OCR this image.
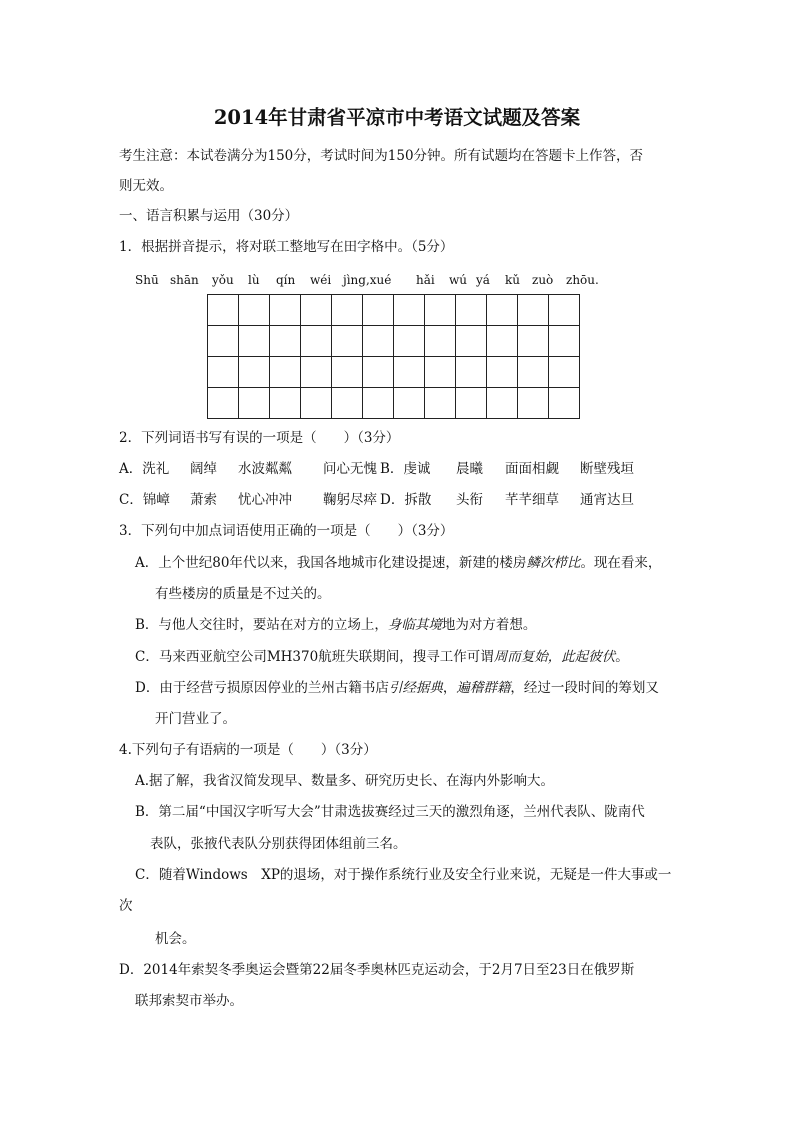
2014年甘肃省平凉市中考语文试题及答案
考生注意：本试卷满分为150分，考试时间为150分钟。所有试题均在答题卡上作答，否
则无效。
一、语言积累与运用（30分）
1．根据拼音提示，将对联工整地写在田字格中。（5分）
Shū shān yǒu lù qín wéi jìng,xué hǎi wú yá kǔ zuò zhōu.

2．下列词语书写有误的一项是（　　）（3分）
A．洗礼 阔绰 水波粼粼 问心无愧 B．虔诚 晨曦 面面相觑 断壁残垣
C．锦嶂 萧索 忧心冲冲 鞠躬尽瘁 D．拆散 头衔 芊芊细草 通宵达旦
3．下列句中加点词语使用正确的一项是（　　）（3分）
A．上个世纪80年代以来，我国各地城市化建设提速，新建的楼房鳞次栉比。现在看来，
有些楼房的质量是不过关的。
B．与他人交往时，要站在对方的立场上，身临其境地为对方着想。
C．马来西亚航空公司MH370航班失联期间，搜寻工作可谓周而复始，此起彼伏。
D．由于经营亏损原因停业的兰州古籍书店引经据典，遍稽群籍，经过一段时间的筹划又
开门营业了。
4.下列句子有语病的一项是（　　）（3分）
A.据了解，我省汉简发现早、数量多、研究历史长、在海内外影响大。
B．第二届“中国汉字听写大会”甘肃选拔赛经过三天的激烈角逐，兰州代表队、陇南代
表队，张掖代表队分别获得团体组前三名。
C．随着Windows　XP的退场，对于操作系统行业及安全行业来说，无疑是一件大事或一
次
机会。
D．2014年索契冬季奥运会暨第22届冬季奥林匹克运动会，于2月7日至23日在俄罗斯
联邦索契市举办。
